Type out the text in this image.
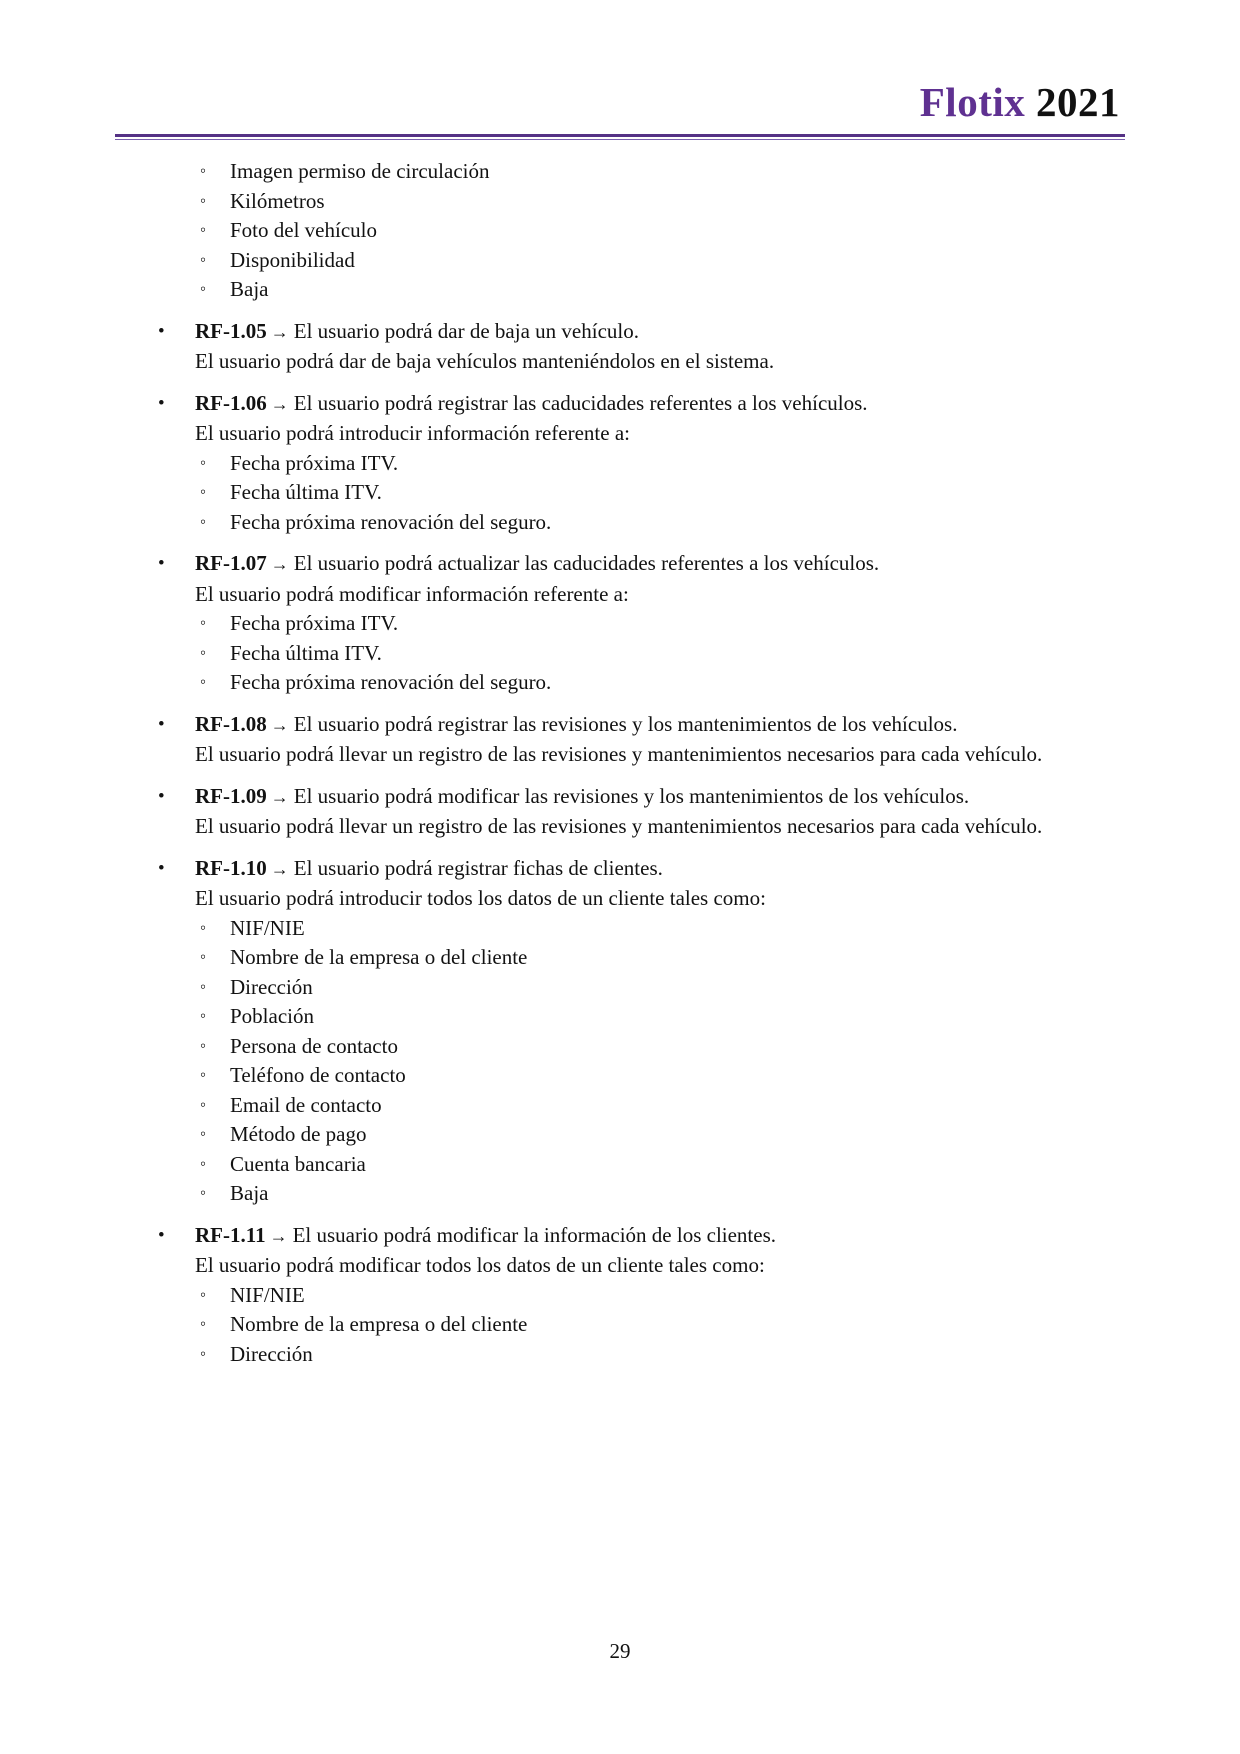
Flotix 2021
◦ Imagen permiso de circulación
◦ Kilómetros
◦ Foto del vehículo
◦ Disponibilidad
◦ Baja
• RF-1.05 → El usuario podrá dar de baja un vehículo.

El usuario podrá dar de baja vehículos manteniéndolos en el sistema.

• RF-1.06 → El usuario podrá registrar las caducidades referentes a los vehículos.

El usuario podrá introducir información referente a:

◦ Fecha próxima ITV.
◦ Fecha última ITV.
◦ Fecha próxima renovación del seguro.
• RF-1.07 → El usuario podrá actualizar las caducidades referentes a los vehículos.

El usuario podrá modificar información referente a:

◦ Fecha próxima ITV.
◦ Fecha última ITV.
◦ Fecha próxima renovación del seguro.
• RF-1.08 → El usuario podrá registrar las revisiones y los mantenimientos de los vehículos.

El usuario podrá llevar un registro de las revisiones y mantenimientos necesarios para cada vehículo.

• RF-1.09 → El usuario podrá modificar las revisiones y los mantenimientos de los vehículos.

El usuario podrá llevar un registro de las revisiones y mantenimientos necesarios para cada vehículo.

• RF-1.10 → El usuario podrá registrar fichas de clientes.

El usuario podrá introducir todos los datos de un cliente tales como:

◦ NIF/NIE
◦ Nombre de la empresa o del cliente
◦ Dirección
◦ Población
◦ Persona de contacto
◦ Teléfono de contacto
◦ Email de contacto
◦ Método de pago
◦ Cuenta bancaria
◦ Baja
• RF-1.11 → El usuario podrá modificar la información de los clientes.

El usuario podrá modificar todos los datos de un cliente tales como:

◦ NIF/NIE
◦ Nombre de la empresa o del cliente
◦ Dirección
29
